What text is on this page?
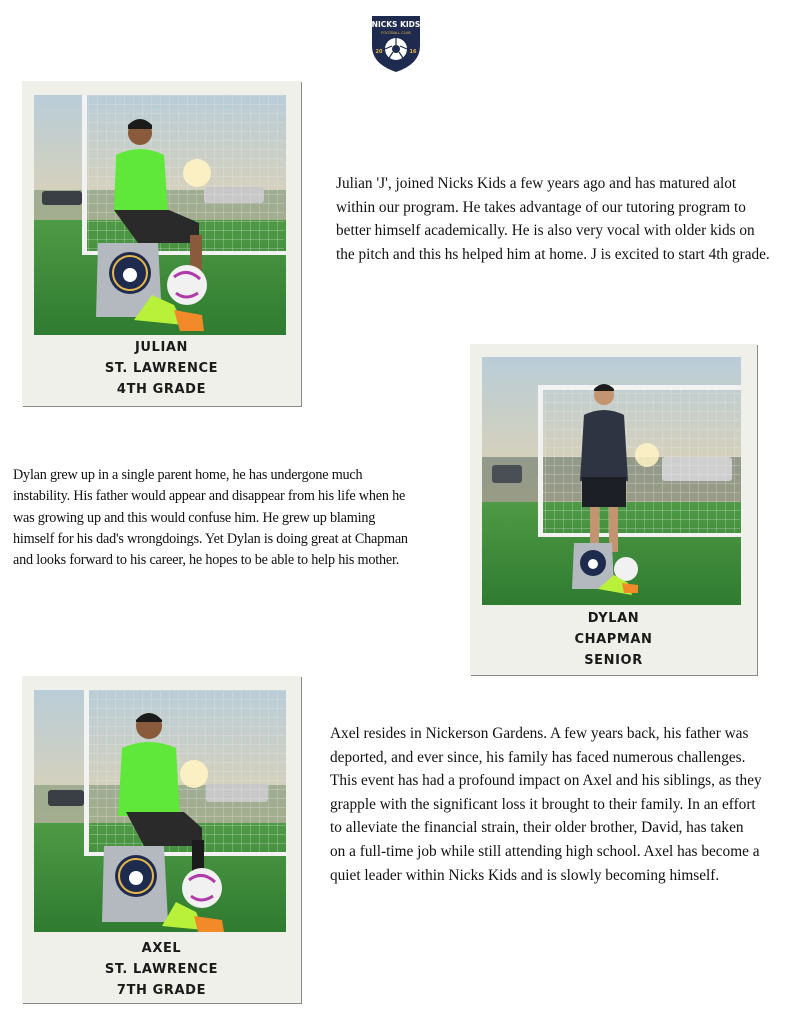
NICKS KIDS
FOOTBALL CLUB
20	16
JULIAN
ST. LAWRENCE
4TH GRADE
Julian 'J', joined Nicks Kids a few years ago and has matured alot within our program. He takes advantage of our tutoring program to better himself academically. He is also very vocal with older kids on the pitch and this hs helped him at home. J is excited to start 4th grade.
DYLAN
CHAPMAN
SENIOR
Dylan grew up in a single parent home, he has undergone much instability. His father would appear and disappear from his life when he was growing up and this would confuse him. He grew up blaming himself for his dad's wrongdoings. Yet Dylan is doing great at Chapman and looks forward to his career, he hopes to be able to help his mother.
AXEL
ST. LAWRENCE
7TH GRADE
Axel resides in Nickerson Gardens. A few years back, his father was deported, and ever since, his family has faced numerous challenges. This event has had a profound impact on Axel and his siblings, as they grapple with the significant loss it brought to their family. In an effort to alleviate the financial strain, their older brother, David, has taken on a full-time job while still attending high school. Axel has become a quiet leader within Nicks Kids and is slowly becoming himself.
